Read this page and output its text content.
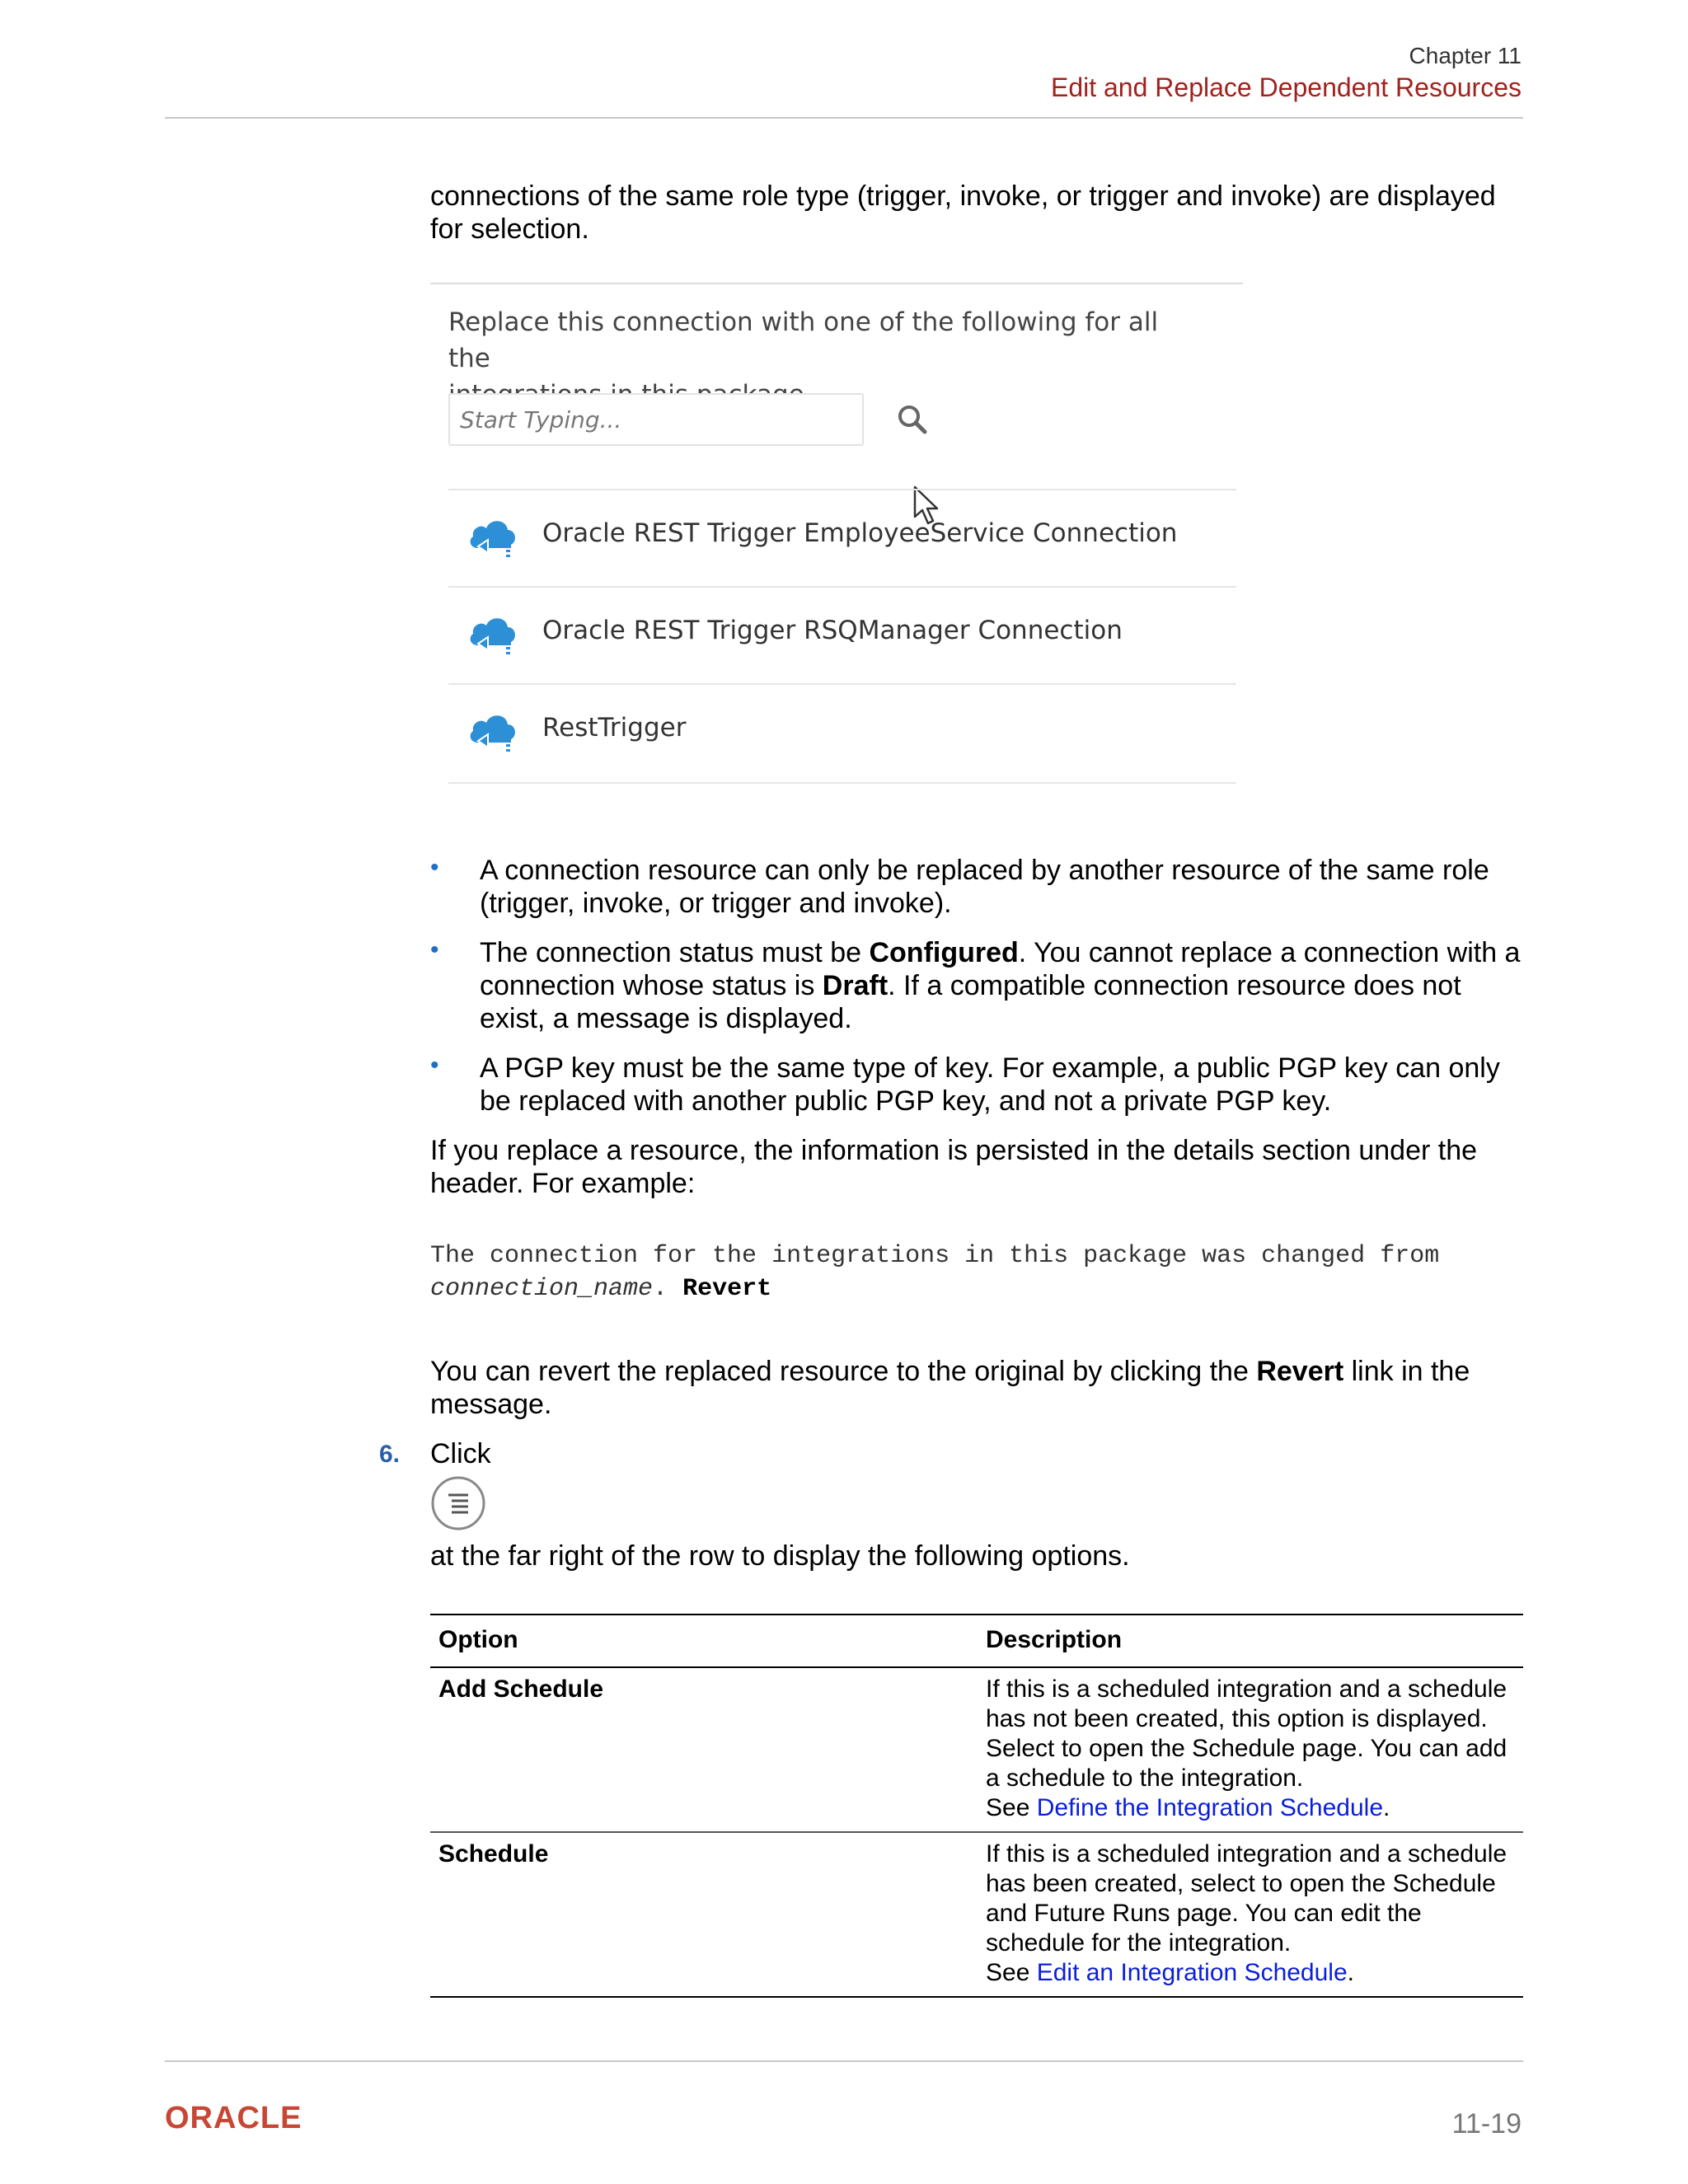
Chapter 11
Edit and Replace Dependent Resources
connections of the same role type (trigger, invoke, or trigger and invoke) are displayed for selection.
Replace this connection with one of the following for all the
Start Typing...
Oracle REST Trigger EmployeeService Connection
Oracle REST Trigger RSQManager Connection
RestTrigger
• A connection resource can only be replaced by another resource of the same role (trigger, invoke, or trigger and invoke).
• The connection status must be Configured. You cannot replace a connection with a connection whose status is Draft. If a compatible connection resource does not exist, a message is displayed.
• A PGP key must be the same type of key. For example, a public PGP key can only be replaced with another public PGP key, and not a private PGP key.
If you replace a resource, the information is persisted in the details section under the header. For example:
The connection for the integrations in this package was changed from
connection_name. Revert
You can revert the replaced resource to the original by clicking the Revert link in the message.
6. Click
at the far right of the row to display the following options.
Option	Description
Add Schedule	If this is a scheduled integration and a schedule
has not been created, this option is displayed.
Select to open the Schedule page. You can add
a schedule to the integration.
See Define the Integration Schedule.
Schedule	If this is a scheduled integration and a schedule
has been created, select to open the Schedule
and Future Runs page. You can edit the
schedule for the integration.
See Edit an Integration Schedule.
ORACLE	11-19
